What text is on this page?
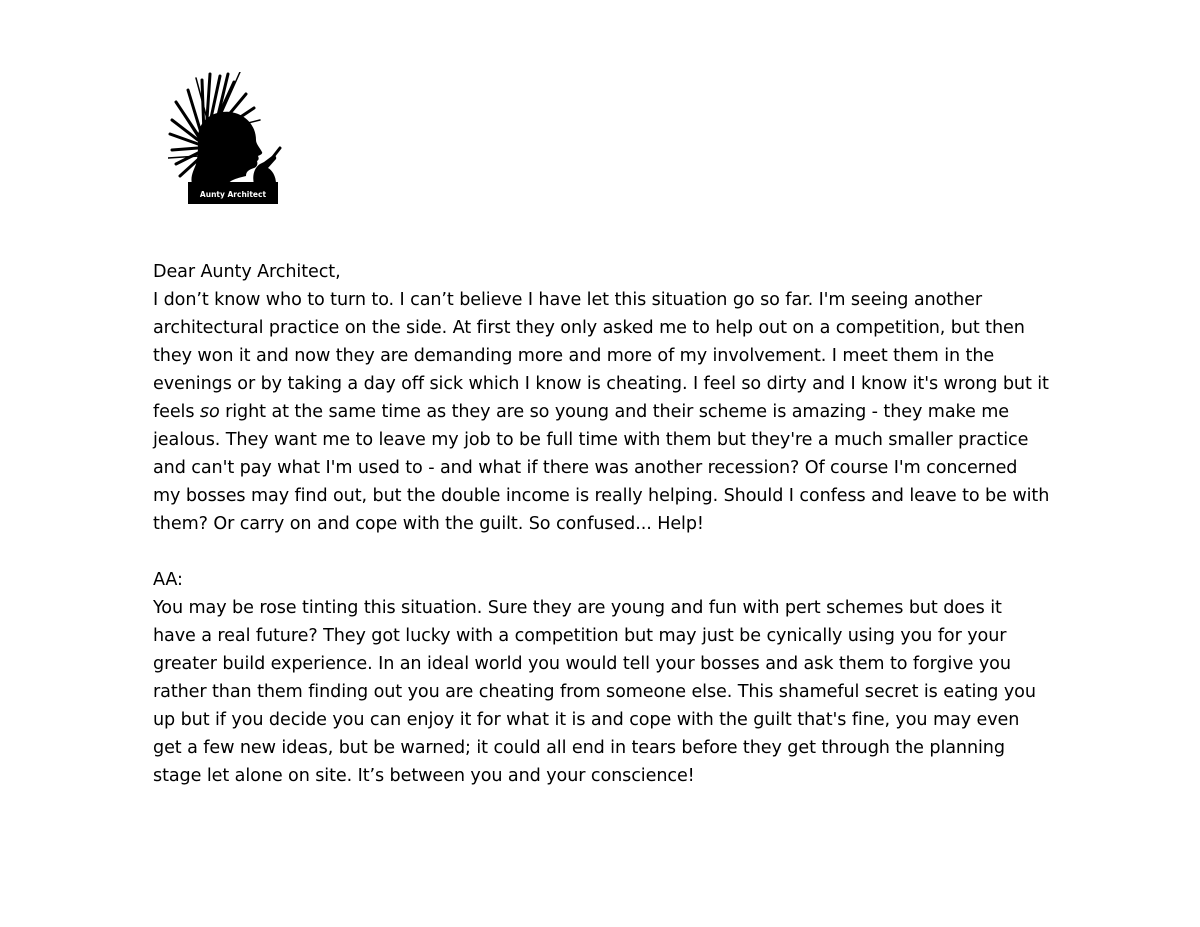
Aunty Architect

Dear Aunty Architect,

I don’t know who to turn to. I can’t believe I have let this situation go so far. I'm seeing another

architectural practice on the side. At first they only asked me to help out on a competition, but then

they won it and now they are demanding more and more of my involvement. I meet them in the

evenings or by taking a day off sick which I know is cheating. I feel so dirty and I know it's wrong but it

feels so right at the same time as they are so young and their scheme is amazing - they make me

jealous. They want me to leave my job to be full time with them but they're a much smaller practice

and can't pay what I'm used to - and what if there was another recession? Of course I'm concerned

my bosses may find out, but the double income is really helping. Should I confess and leave to be with

them? Or carry on and cope with the guilt. So confused... Help!

AA:

You may be rose tinting this situation. Sure they are young and fun with pert schemes but does it

have a real future? They got lucky with a competition but may just be cynically using you for your

greater build experience. In an ideal world you would tell your bosses and ask them to forgive you

rather than them finding out you are cheating from someone else. This shameful secret is eating you

up but if you decide you can enjoy it for what it is and cope with the guilt that's fine, you may even

get a few new ideas, but be warned; it could all end in tears before they get through the planning

stage let alone on site. It’s between you and your conscience!
